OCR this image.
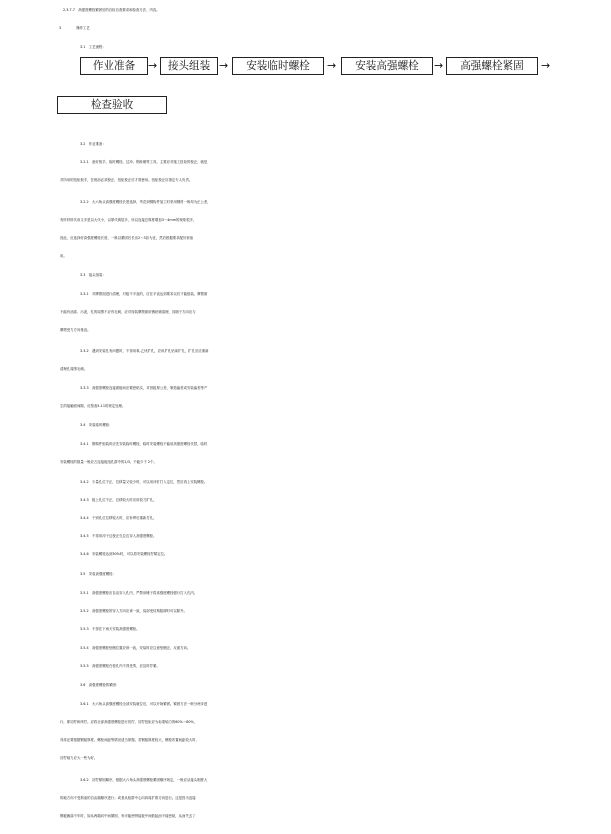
2.3.7.7　高强度螺栓紧固后的自检自查要求和检查方法、内容。
3	操作工艺
3.1　工艺流程：
作业准备	→ 接头组装 →	安装临时螺栓	→	安装高强螺栓	→	高强螺栓紧固	→
检查验收
3.2　作业准备：
3.2.1　备好扳手、临时螺栓、过冲、钢丝刷等工具，主要应对施工扭矩的校正，就是
对所用的扭矩扳手，在班前必须校正，扭矩校正后才准使用。扭矩校正应指定专人负责。
3.2.2　大六角头高强度螺栓长度选择，考虑到钢构件加工时采用钢材一般均为正公差，
有时材料代用又多是以大代小，以厚代薄居多，所以连接总厚度增加3～4mm的现象很多，
因此，应选择好高强度螺栓长度，一般以紧固后长出2～3扣为宜，然后根据要求配好套备
用。
3.3　接头组装：
3.3.1　对摩擦面进行清理，对板不平直的，应在平直达到要求以后才能组装。摩擦面
不能有油漆、污泥，孔的周围不应有毛刺，应对待装摩擦面用钢丝刷清理，其刷子方向应与
摩擦受力方向垂直。
3.3.2　遇到安装孔有问题时，不得用氧-乙炔扩孔，应用扩孔钻床扩孔，扩孔后应重新
清理孔周围毛刺。
3.3.3　高强度螺栓连接面板间应紧密贴实，对因板厚公差、制造偏差或安装偏差等产
生的接触面间隙，应按表5-11的规定处理。
3.4　安装临时螺栓：
3.4.1　钢构件组装时应先安装临时螺栓，临时安装螺栓不能用高强度螺栓代替，临时
安装螺栓的数量一般应占连接板组孔群中的1/3，不能少于 2个。
3.4.2　少量孔位不正，位移量又较少时，可以用冲钉打入定位，然后再上安装螺栓。
3.4.3　板上孔位不正，位移较大时应用铰刀扩孔。
3.4.4　个别孔位位移较大时，应补焊后重新打孔。
3.4.5　不得用冲子边校正孔位边穿入高强度螺栓。
3.4.6　安装螺栓达到30%时，可以将安装螺栓拧紧定位。
3.5　安装高强度螺栓：
3.5.1　高强度螺栓应自由穿入孔内，严禁用锤子将高强度螺栓强行打入孔内。
3.5.2　高强度螺栓的穿入方向应该一致，局部受结构阻碍时可以除外。
3.5.3　不得在下雨天安装高强度螺栓。
3.5.4　高强度螺栓垫圈位置应该一致，安装时应注意垫圈正、反面方向。
3.5.5　高强度螺栓在栓孔内不得受剪，应及时拧紧。
3.6　高强度螺栓的紧固：
3.6.1　大六角头高强度螺栓全部安装就位后，可以开始紧固。紧固方法一般分两步进
行，即初拧和终拧。应将全部高强度螺栓进行初拧，初拧扭矩应为标准轴力的60%～80%，
具体还要根据钢板厚度、螺栓间距等情况适当掌握。若钢板厚度较大，螺栓布置间距较大时，
初拧轴力应大一些为好。
3.6.2　初拧紧固顺序，根据大六角头高强度螺栓紧固顺序规定，一般应从接头刚度大
的地方向不受拘束的自由端顺序进行；或者从栓群中心向四周扩散方向进行。这是因为连接
钢板翘曲不牢时，如从两端向中间紧固，有可能使拼接板中间鼓起而不能密贴，从而失去了
